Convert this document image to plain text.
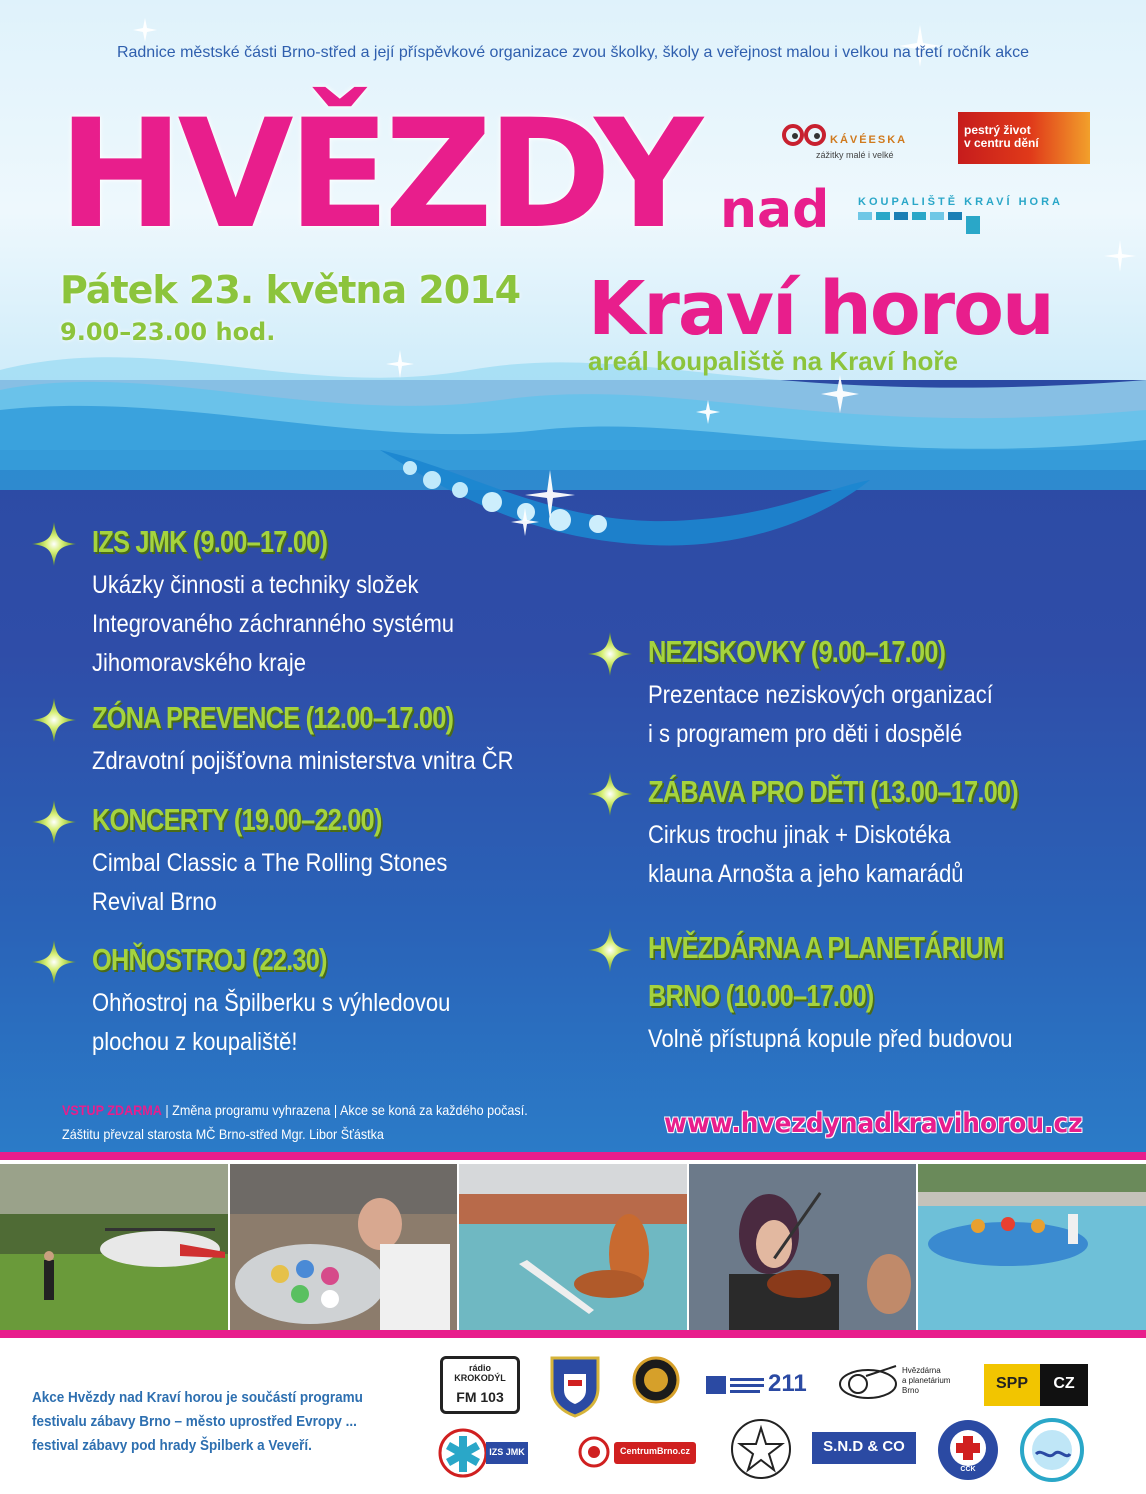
Radnice městské části Brno-střed a její příspěvkové organizace zvou školky, školy a veřejnost malou i velkou na třetí ročník akce
HVĚZDY nad
Kraví horou
areál koupaliště na Kraví hoře
Pátek 23. května 2014
9.00–23.00 hod.
KÁVÉESKA
zážitky malé i velké
pestrý život
v centru dění
KOUPALIŠTĚ KRAVÍ HORA
IZS JMK (9.00–17.00)
Ukázky činnosti a techniky složek
Integrovaného záchranného systému
Jihomoravského kraje
ZÓNA PREVENCE (12.00–17.00)
Zdravotní pojišťovna ministerstva vnitra ČR
KONCERTY (19.00–22.00)
Cimbal Classic a The Rolling Stones
Revival Brno
OHŇOSTROJ (22.30)
Ohňostroj na Špilberku s výhledovou
plochou z koupaliště!
NEZISKOVKY (9.00–17.00)
Prezentace neziskových organizací
i s programem pro děti i dospělé
ZÁBAVA PRO DĚTI (13.00–17.00)
Cirkus trochu jinak + Diskotéka
klauna Arnošta a jeho kamarádů
HVĚZDÁRNA A PLANETÁRIUM
BRNO (10.00–17.00)
Volně přístupná kopule před budovou
VSTUP ZDARMA | Změna programu vyhrazena | Akce se koná za každého počasí.
Záštitu převzal starosta MČ Brno-střed Mgr. Libor Šťástka	www.hvezdynadkravihorou.cz
Akce Hvězdy nad Kraví horou je součástí programu
festivalu zábavy Brno – město uprostřed Evropy ...
festival zábavy pod hrady Špilberk a Veveří.
rádio KROKODÝL
FM 103	211	Hvězdárna
a planetárium
Brno	SPP	CZ
IZS JMK	CentrumBrno.cz	S.N.D & CO
ČČK
